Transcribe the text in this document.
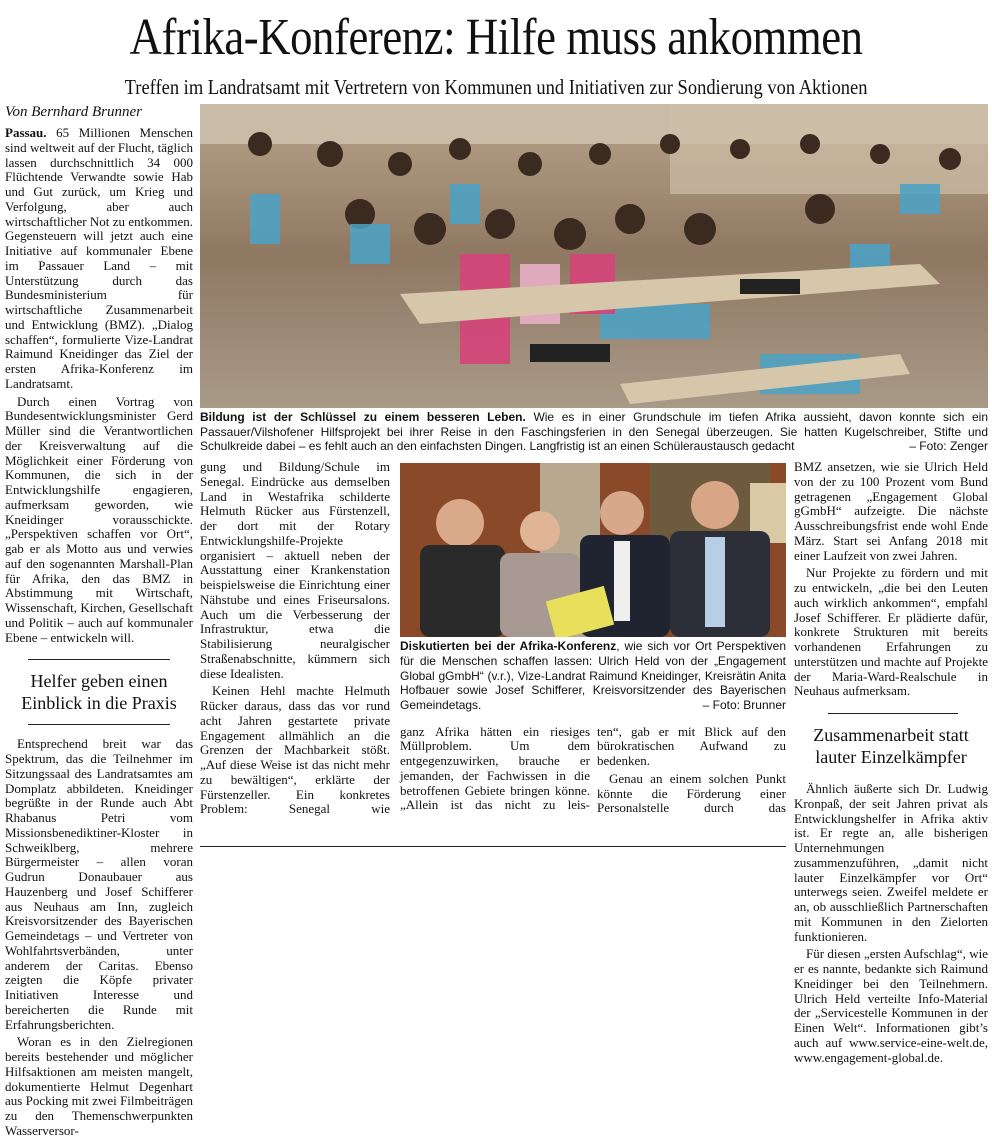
Afrika-Konferenz: Hilfe muss ankommen
Treffen im Landratsamt mit Vertretern von Kommunen und Initiativen zur Sondierung von Aktionen
Von Bernhard Brunner

Passau. 65 Millionen Menschen sind weltweit auf der Flucht, täglich lassen durchschnittlich 34 000 Flüchtende Verwandte sowie Hab und Gut zurück, um Krieg und Verfolgung, aber auch wirtschaftlicher Not zu entkommen. Gegensteuern will jetzt auch eine Initiative auf kommunaler Ebene im Passauer Land – mit Unterstützung durch das Bundesministerium für wirtschaftliche Zusammenarbeit und Entwicklung (BMZ). „Dialog schaffen“, formulierte Vize-Landrat Raimund Kneidinger das Ziel der ersten Afrika-Konferenz im Landratsamt.

Durch einen Vortrag von Bundesentwicklungsminister Gerd Müller sind die Verantwortlichen der Kreisverwaltung auf die Möglichkeit einer Förderung von Kommunen, die sich in der Entwicklungshilfe engagieren, aufmerksam geworden, wie Kneidinger vorausschickte. „Perspektiven schaffen vor Ort“, gab er als Motto aus und verwies auf den sogenannten Marshall-Plan für Afrika, den das BMZ in Abstimmung mit Wirtschaft, Wissenschaft, Kirchen, Gesellschaft und Politik – auch auf kommunaler Ebene – entwickeln will.

Helfer geben einen Einblick in die Praxis

Entsprechend breit war das Spektrum, das die Teilnehmer im Sitzungssaal des Landratsamtes am Domplatz abbildeten. Kneidinger begrüßte in der Runde auch Abt Rhabanus Petri vom Missionsbenediktiner-Kloster in Schweiklberg, mehrere Bürgermeister – allen voran Gudrun Donaubauer aus Hauzenberg und Josef Schifferer aus Neuhaus am Inn, zugleich Kreisvorsitzender des Bayerischen Gemeindetags – und Vertreter von Wohlfahrtsverbänden, unter anderem der Caritas. Ebenso zeigten die Köpfe privater Initiativen Interesse und bereicherten die Runde mit Erfahrungsberichten.

Woran es in den Zielregionen bereits bestehender und möglicher Hilfsaktionen am meisten mangelt, dokumentierte Helmut Degenhart aus Pocking mit zwei Filmbeiträgen zu den Themenschwerpunkten Wasserversor-

Bildung ist der Schlüssel zu einem besseren Leben. Wie es in einer Grundschule im tiefen Afrika aussieht, davon konnte sich ein Passauer/Vilshofener Hilfsprojekt bei ihrer Reise in den Faschingsferien in den Senegal überzeugen. Sie hatten Kugelschreiber, Stifte und Schulkreide dabei – es fehlt auch an den einfachsten Dingen. Langfristig ist an einen Schüleraustausch gedacht	– Foto: Zenger

gung und Bildung/Schule im Senegal. Eindrücke aus demselben Land in Westafrika schilderte Helmuth Rücker aus Fürstenzell, der dort mit der Rotary Entwicklungshilfe-Projekte organisiert – aktuell neben der Ausstattung einer Krankenstation beispielsweise die Einrichtung einer Nähstube und eines Friseursalons. Auch um die Verbesserung der Infrastruktur, etwa die Stabilisierung neuralgischer Straßenabschnitte, kümmern sich diese Idealisten.

Keinen Hehl machte Helmuth Rücker daraus, dass das vor rund acht Jahren gestartete private Engagement allmählich an die Grenzen der Machbarkeit stößt. „Auf diese Weise ist das nicht mehr zu bewältigen“, erklärte der Fürstenzeller. Ein konkretes Problem: Senegal wie

Diskutierten bei der Afrika-Konferenz, wie sich vor Ort Perspektiven für die Menschen schaffen lassen: Ulrich Held von der „Engagement Global gGmbH“ (v.r.), Vize-Landrat Raimund Kneidinger, Kreisrätin Anita Hofbauer sowie Josef Schifferer, Kreisvorsitzender des Bayerischen Gemeindetags.	– Foto: Brunner

ganz Afrika hätten ein riesiges Müllproblem. Um dem entgegenzuwirken, brauche er jemanden, der Fachwissen in die betroffenen Gebiete bringen könne. „Allein ist das nicht zu leis-

ten“, gab er mit Blick auf den bürokratischen Aufwand zu bedenken.

Genau an einem solchen Punkt könnte die Förderung einer Personalstelle durch das

BMZ ansetzen, wie sie Ulrich Held von der zu 100 Prozent vom Bund getragenen „Engagement Global gGmbH“ aufzeigte. Die nächste Ausschreibungsfrist ende wohl Ende März. Start sei Anfang 2018 mit einer Laufzeit von zwei Jahren.

Nur Projekte zu fördern und mit zu entwickeln, „die bei den Leuten auch wirklich ankommen“, empfahl Josef Schifferer. Er plädierte dafür, konkrete Strukturen mit bereits vorhandenen Erfahrungen zu unterstützen und machte auf Projekte der Maria-Ward-Realschule in Neuhaus aufmerksam.

Zusammenarbeit statt lauter Einzelkämpfer

Ähnlich äußerte sich Dr. Ludwig Kronpaß, der seit Jahren privat als Entwicklungshelfer in Afrika aktiv ist. Er regte an, alle bisherigen Unternehmungen zusammenzuführen, „damit nicht lauter Einzelkämpfer vor Ort“ unterwegs seien. Zweifel meldete er an, ob ausschließlich Partnerschaften mit Kommunen in den Zielorten funktionieren.

Für diesen „ersten Aufschlag“, wie er es nannte, bedankte sich Raimund Kneidinger bei den Teilnehmern. Ulrich Held verteilte Info-Material der „Servicestelle Kommunen in der Einen Welt“. Informationen gibt’s auch auf www.service-eine-welt.de, www.engagement-global.de.
